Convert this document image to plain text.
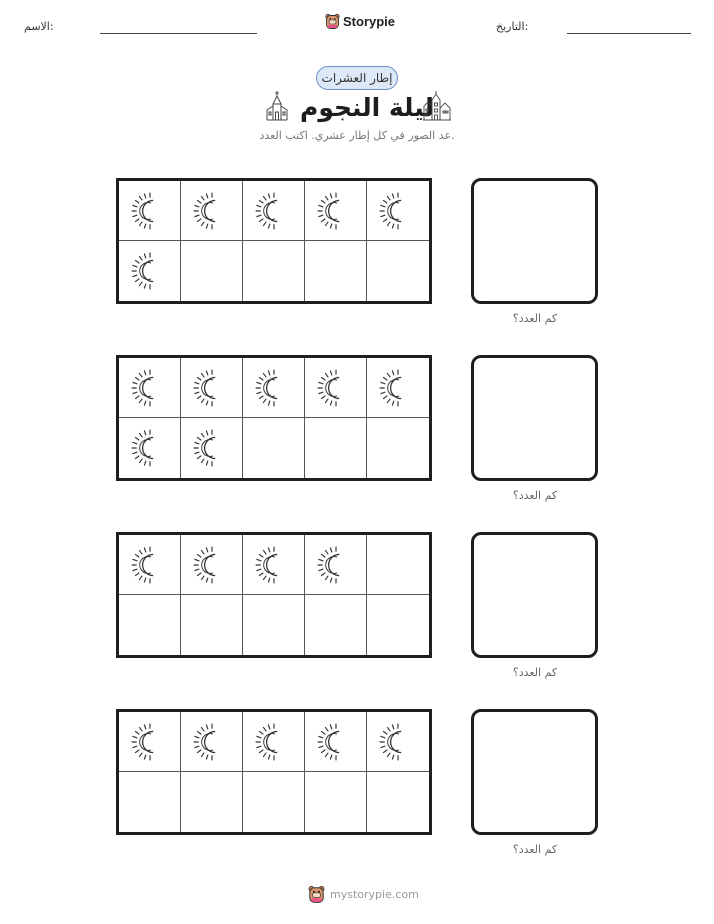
الاسم:	Storypie	التاريخ:
إطار العشرات
ليلة النجوم
عد الصور في كل إطار عشري. اكتب العدد.
كم العدد؟
كم العدد؟
كم العدد؟
كم العدد؟
mystorypie.com
